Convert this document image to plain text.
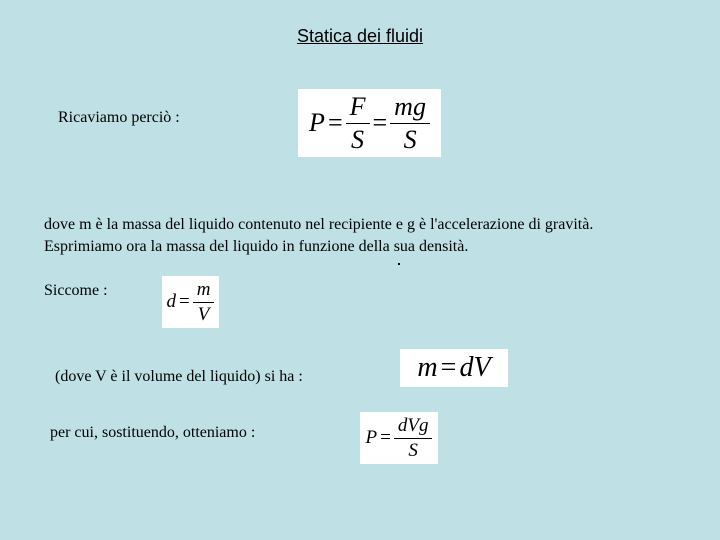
Statica dei fluidi
Ricaviamo perciò :	$P = \frac{F}{S} = \frac{mg}{S}$
dove m è la massa del liquido contenuto nel recipiente e g è l'accelerazione di gravità.
Esprimiamo ora la massa del liquido in funzione della sua densità.
Siccome :
$d = \frac{m}{V}$
(dove V è il volume del liquido) si ha :	m = dV
per cui, sostituendo, otteniamo :	$P = \frac{\text{dVg}}{S}$
